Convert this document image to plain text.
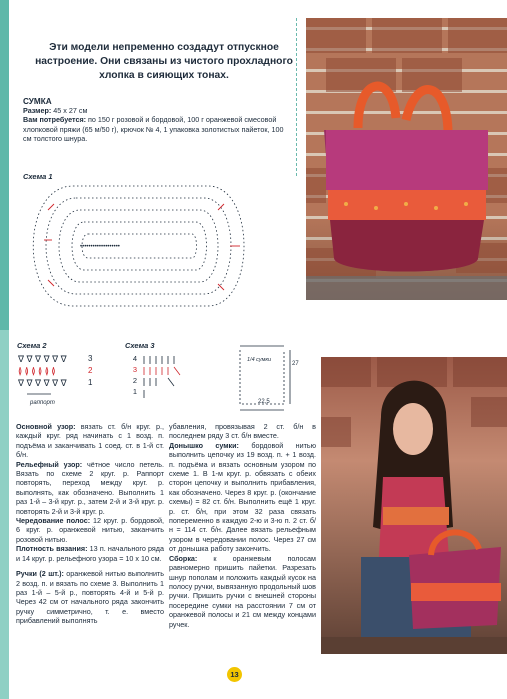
Эти модели непременно создадут отпускное настроение. Они связаны из чистого прохладного хлопка в сияющих тонах.
СУМКА
Размер: 45 x 27 см
Вам потребуется: по 150 г розовой и бордовой, 100 г оранжевой смесовой хлопковой пряжи (65 м/50 г), крючок № 4, 1 упаковка золотистых пайеток, 100 см толстого шнура.
Схема 1
•••••••••••••••••••
Схема 2
∇ ∇ ∇ ∇ ∇ ∇
≬ ≬ ≬ ≬ ≬ ≬
∇ ∇ ∇ ∇ ∇ ∇
3
2
1
раппорт
Схема 3
4
3
2
1
1/4 сумки
27
22,5

Основной узор: вязать ст. б/н круг. р., каждый круг. ряд начинать с 1 возд. п. подъёма и заканчивать 1 соед. ст. в 1-й ст. б/н.

Рельефный узор: чётное число петель. Вязать по схеме 2 круг. р. Раппорт повторять, переход между круг. р. выполнять, как обозначено. Выполнить 1 раз 1-й – 3-й круг. р., затем 2-й и 3-й круг. р. повторять 2-й и 3-й круг. р.

Чередование полос: 12 круг. р. бордовой, 6 круг. р. оранжевой нитью, заканчить розовой нитью.

Плотность вязания: 13 п. начального ряда и 14 круг. р. рельефного узора = 10 x 10 см.

Ручки (2 шт.): оранжевой нитью выполнить 2 возд. п. и вязать по схеме 3. Выполнить 1 раз 1-й – 5-й р., повторять 4-й и 5-й р. Через 42 см от начального ряда закончить ручку симметрично, т. е. вместо прибавлений выполнять

убавления, провязывая 2 ст. б/н в последнем ряду 3 ст. б/н вместе.

Донышко сумки: бордовой нитью выполнить цепочку из 19 возд. п. + 1 возд. п. подъёма и вязать основным узором по схеме 1. В 1-м круг. р. обвязать с обеих сторон цепочку и выполнить прибавления, как обозначено. Через 8 круг. р. (окончание схемы) = 82 ст. б/н. Выполнить ещё 1 круг. р. ст. б/н, при этом 32 раза связать попеременно в каждую 2-ю и 3-ю п. 2 ст. б/н = 114 ст. б/н. Далее вязать рельефным узором в чередовании полос. Через 27 см от донышка работу закончить.

Сборка: к оранжевым полосам равномерно пришить пайетки. Разрезать шнур пополам и положить каждый кусок на полосу ручки, вывязанную продольный шов ручки. Пришить ручки с внешней стороны посередине сумки на расстоянии 7 см от оранжевой полосы и 21 см между концами ручек.

13
